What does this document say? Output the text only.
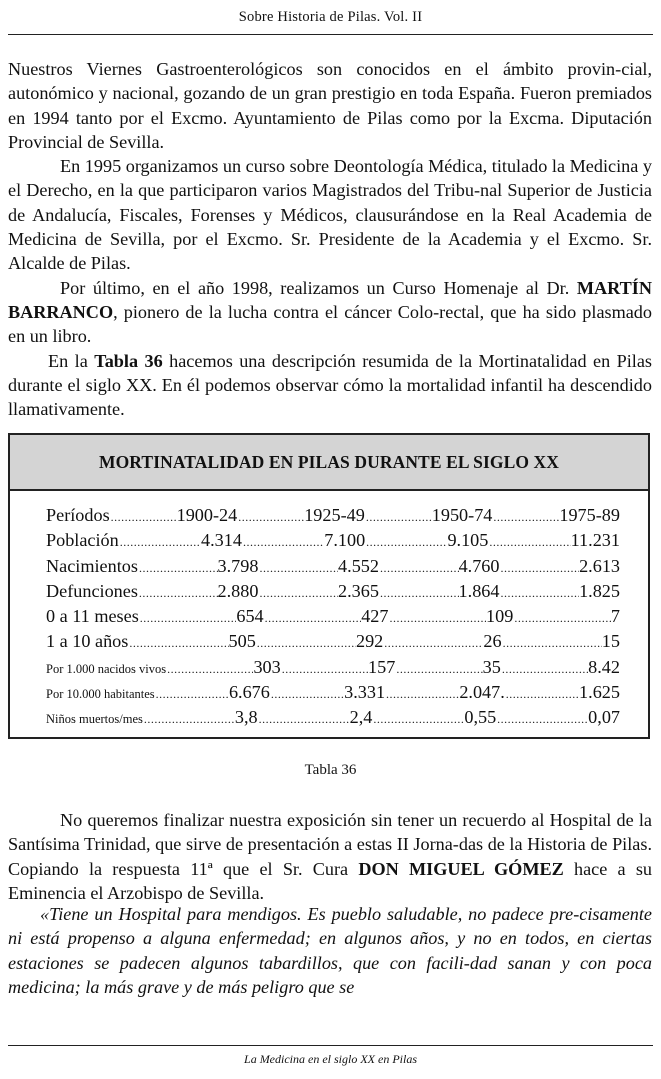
Sobre Historia de Pilas. Vol. II

Nuestros Viernes Gastroenterológicos son conocidos en el ámbito provin-cial, autonómico y nacional, gozando de un gran prestigio en toda España. Fueron premiados en 1994 tanto por el Excmo. Ayuntamiento de Pilas como por la Excma. Diputación Provincial de Sevilla.

En 1995 organizamos un curso sobre Deontología Médica, titulado la Medicina y el Derecho, en la que participaron varios Magistrados del Tribu-nal Superior de Justicia de Andalucía, Fiscales, Forenses y Médicos, clausurándose en la Real Academia de Medicina de Sevilla, por el Excmo. Sr. Presidente de la Academia y el Excmo. Sr. Alcalde de Pilas.

Por último, en el año 1998, realizamos un Curso Homenaje al Dr. MARTÍN BARRANCO, pionero de la lucha contra el cáncer Colo-rectal, que ha sido plasmado en un libro.

En la Tabla 36 hacemos una descripción resumida de la Mortinatalidad en Pilas durante el siglo XX. En él podemos observar cómo la mortalidad infantil ha descendido llamativamente.

MORTINATALIDAD EN PILAS DURANTE EL SIGLO XX
Períodos .....	1900-24 .....	1925-49 .....	1950-74 .....	1975-89
Población .....	4.314 .....	7.100 .....	9.105 .....	11.231
Nacimientos .....	3.798 .....	4.552 .....	4.760 .....	2.613
Defunciones .....	2.880 .....	2.365 .....	1.864 .....	1.825
0 a 11 meses .....	654 .....	427 .....	109 .....	7
1 a 10 años .....	505 .....	292 .....	26 .....	15
Por 1.000 nacidos vivos .....	303 .....	157 .....	35 .....	8.42
Por 10.000 habitantes .....	6.676 .....	3.331 .....	2.047. .....	1.625
Niños muertos/mes .....	3,8 .....	2,4 .....	0,55 .....	0,07
Tabla 36

No queremos finalizar nuestra exposición sin tener un recuerdo al Hospital de la Santísima Trinidad, que sirve de presentación a estas II Jorna-das de la Historia de Pilas. Copiando la respuesta 11ª que el Sr. Cura DON MIGUEL GÓMEZ hace a su Eminencia el Arzobispo de Sevilla.

«Tiene un Hospital para mendigos. Es pueblo saludable, no padece pre-cisamente ni está propenso a alguna enfermedad; en algunos años, y no en todos, en ciertas estaciones se padecen algunos tabardillos, que con facili-dad sanan y con poca medicina; la más grave y de más peligro que se

La Medicina en el siglo XX en Pilas
